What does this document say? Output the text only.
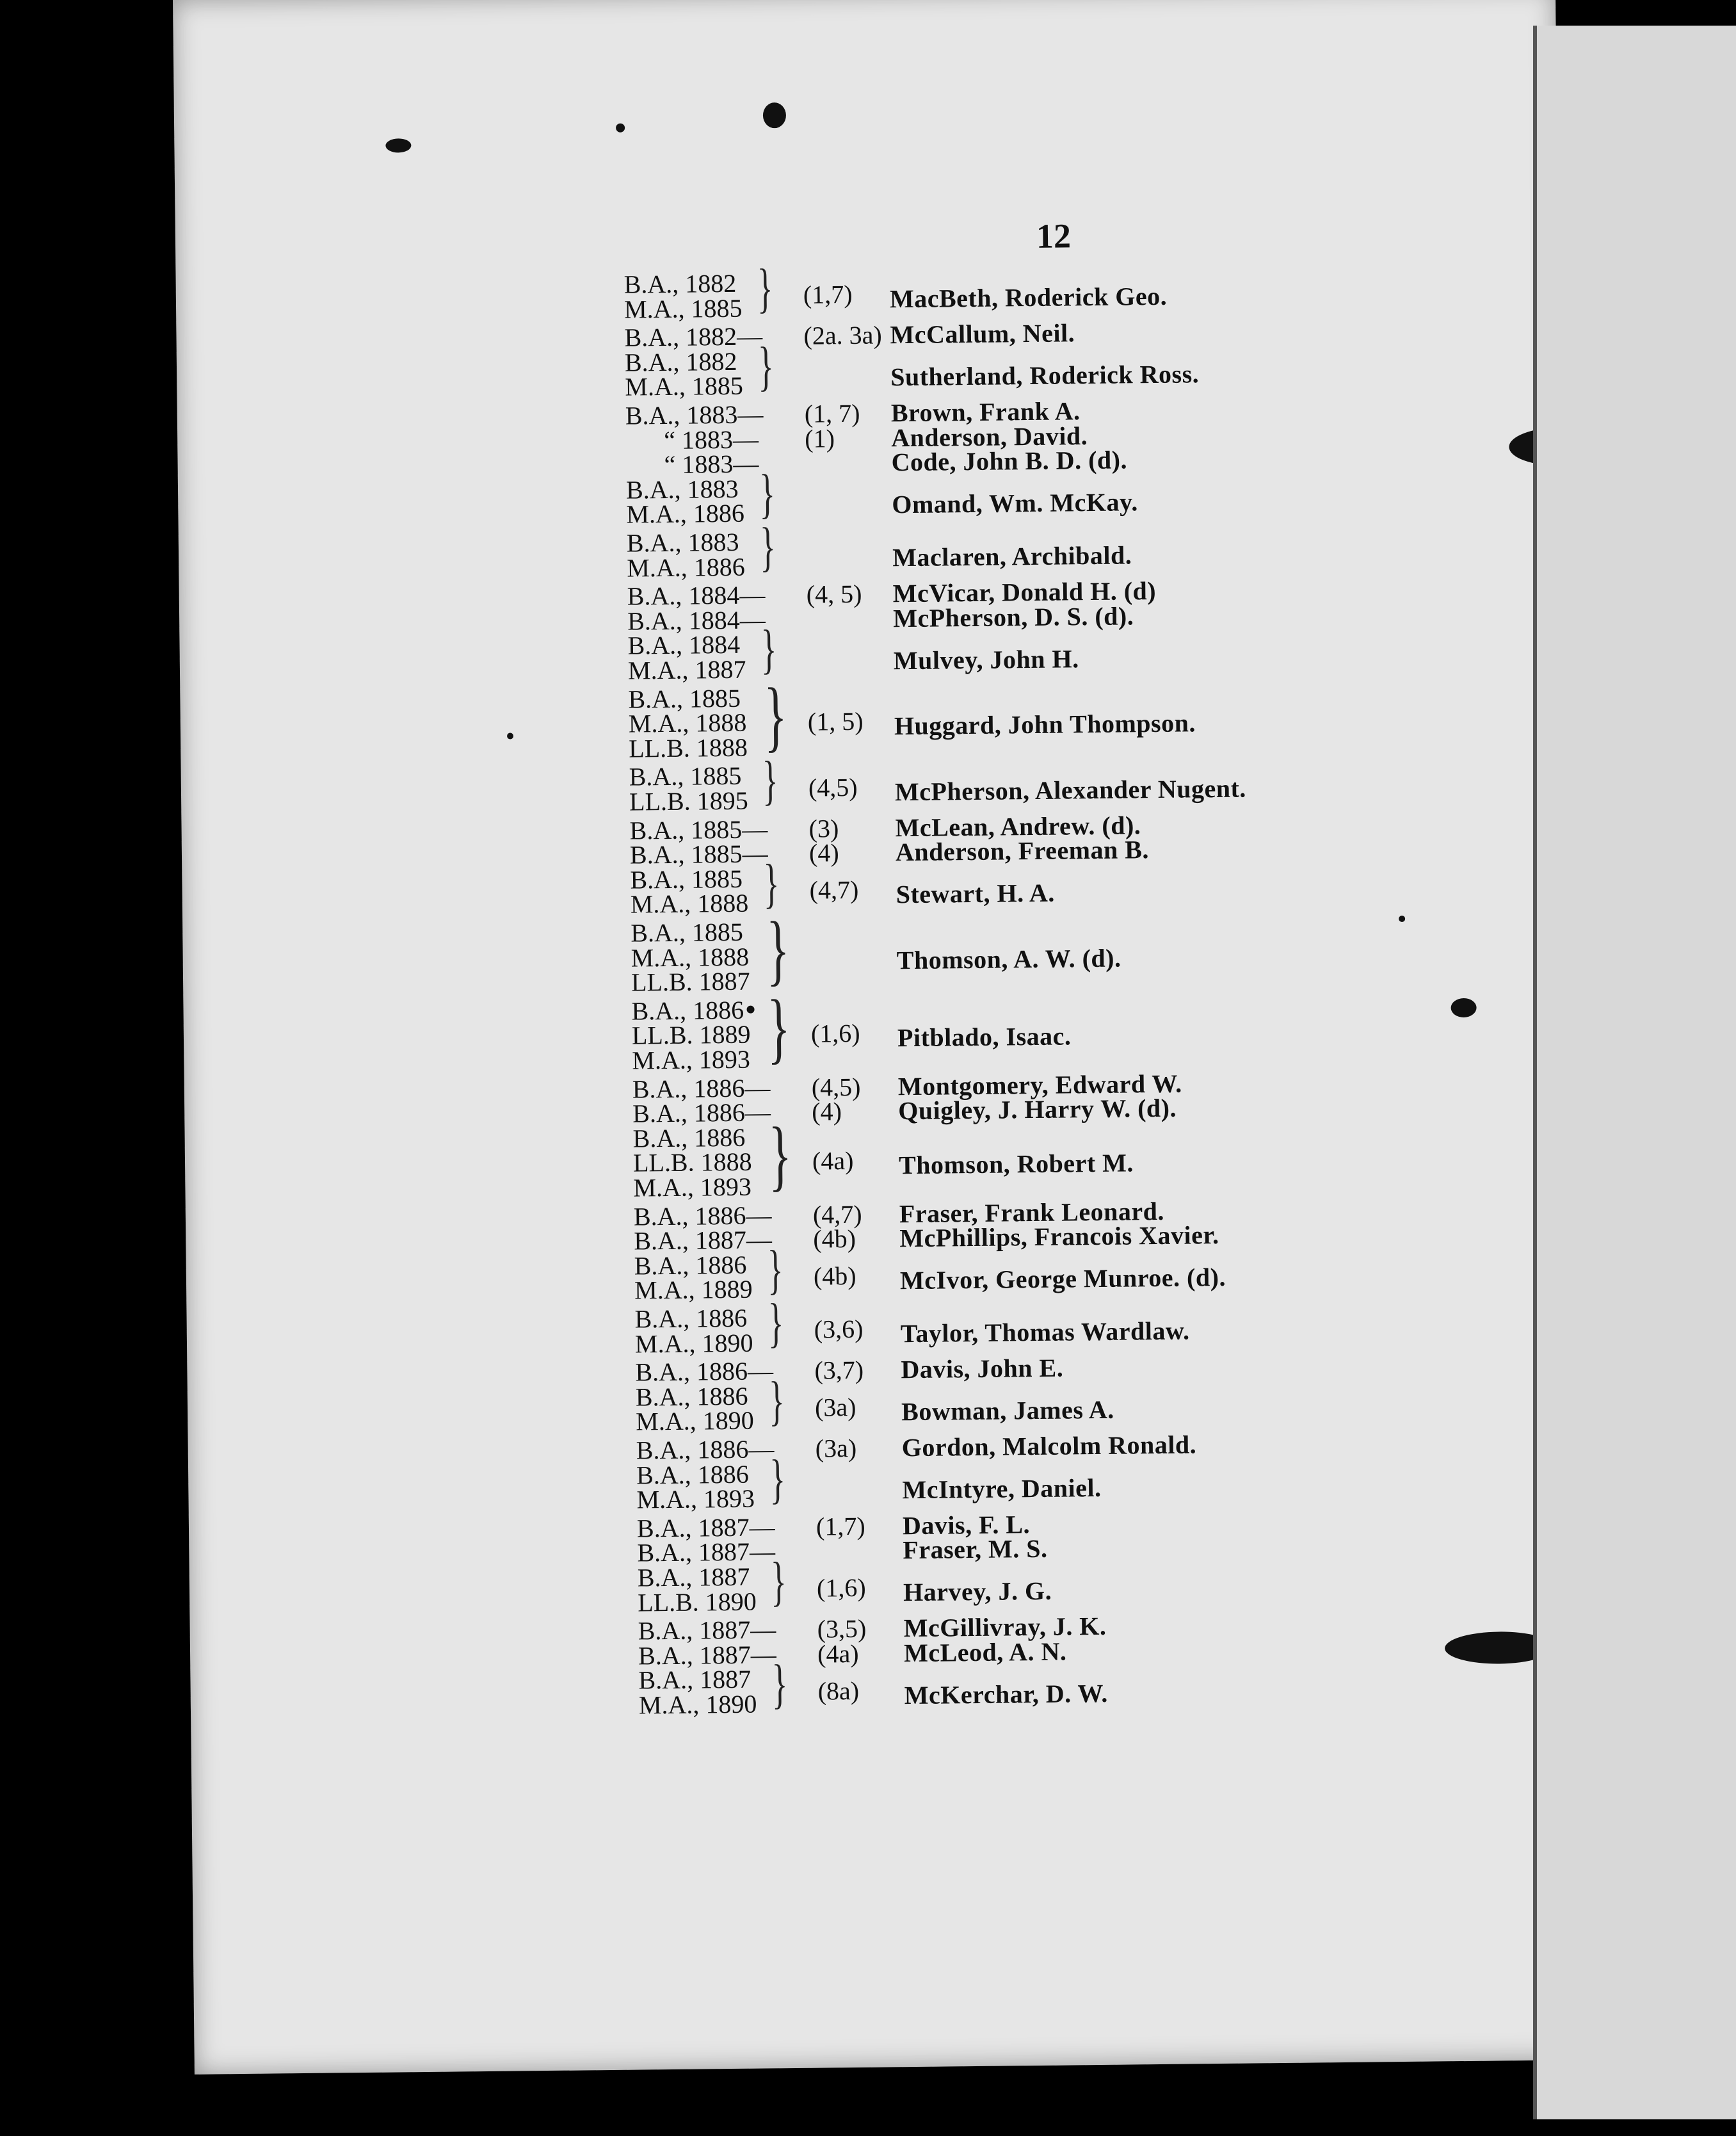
12
B.A., 1882
M.A., 1885 } (1,7) MacBeth, Roderick Geo.
B.A., 1882— (2a. 3a) McCallum, Neil.
B.A., 1882
M.A., 1885 }	Sutherland, Roderick Ross.
B.A., 1883— (1, 7) Brown, Frank A.
“ 1883— (1) Anderson, David.
“ 1883—	Code, John B. D. (d).
B.A., 1883
M.A., 1886 }	Omand, Wm. McKay.
B.A., 1883
M.A., 1886 }	Maclaren, Archibald.
B.A., 1884— (4, 5) McVicar, Donald H. (d)
B.A., 1884—	McPherson, D. S. (d).
B.A., 1884
M.A., 1887 }	Mulvey, John H.
B.A., 1885
M.A., 1888
LL.B. 1888 } (1, 5) Huggard, John Thompson.
B.A., 1885
LL.B. 1895 } (4,5) McPherson, Alexander Nugent.
B.A., 1885— (3) McLean, Andrew. (d).
B.A., 1885— (4) Anderson, Freeman B.
B.A., 1885
M.A., 1888 } (4,7) Stewart, H. A.
B.A., 1885
M.A., 1888
LL.B. 1887 }	Thomson, A. W. (d).
B.A., 1886
LL.B. 1889
M.A., 1893 } (1,6) Pitblado, Isaac.
B.A., 1886— (4,5) Montgomery, Edward W.
B.A., 1886— (4) Quigley, J. Harry W. (d).
B.A., 1886
LL.B. 1888
M.A., 1893 } (4a) Thomson, Robert M.
B.A., 1886— (4,7) Fraser, Frank Leonard.
B.A., 1887— (4b) McPhillips, Francois Xavier.
B.A., 1886
M.A., 1889 } (4b) McIvor, George Munroe. (d).
B.A., 1886
M.A., 1890 } (3,6) Taylor, Thomas Wardlaw.
B.A., 1886— (3,7) Davis, John E.
B.A., 1886
M.A., 1890 } (3a) Bowman, James A.
B.A., 1886— (3a) Gordon, Malcolm Ronald.
B.A., 1886
M.A., 1893 }	McIntyre, Daniel.
B.A., 1887— (1,7) Davis, F. L.
B.A., 1887—	Fraser, M. S.
B.A., 1887
LL.B. 1890 } (1,6) Harvey, J. G.
B.A., 1887— (3,5) McGillivray, J. K.
B.A., 1887— (4a) McLeod, A. N.
B.A., 1887
M.A., 1890 } (8a) McKerchar, D. W.
